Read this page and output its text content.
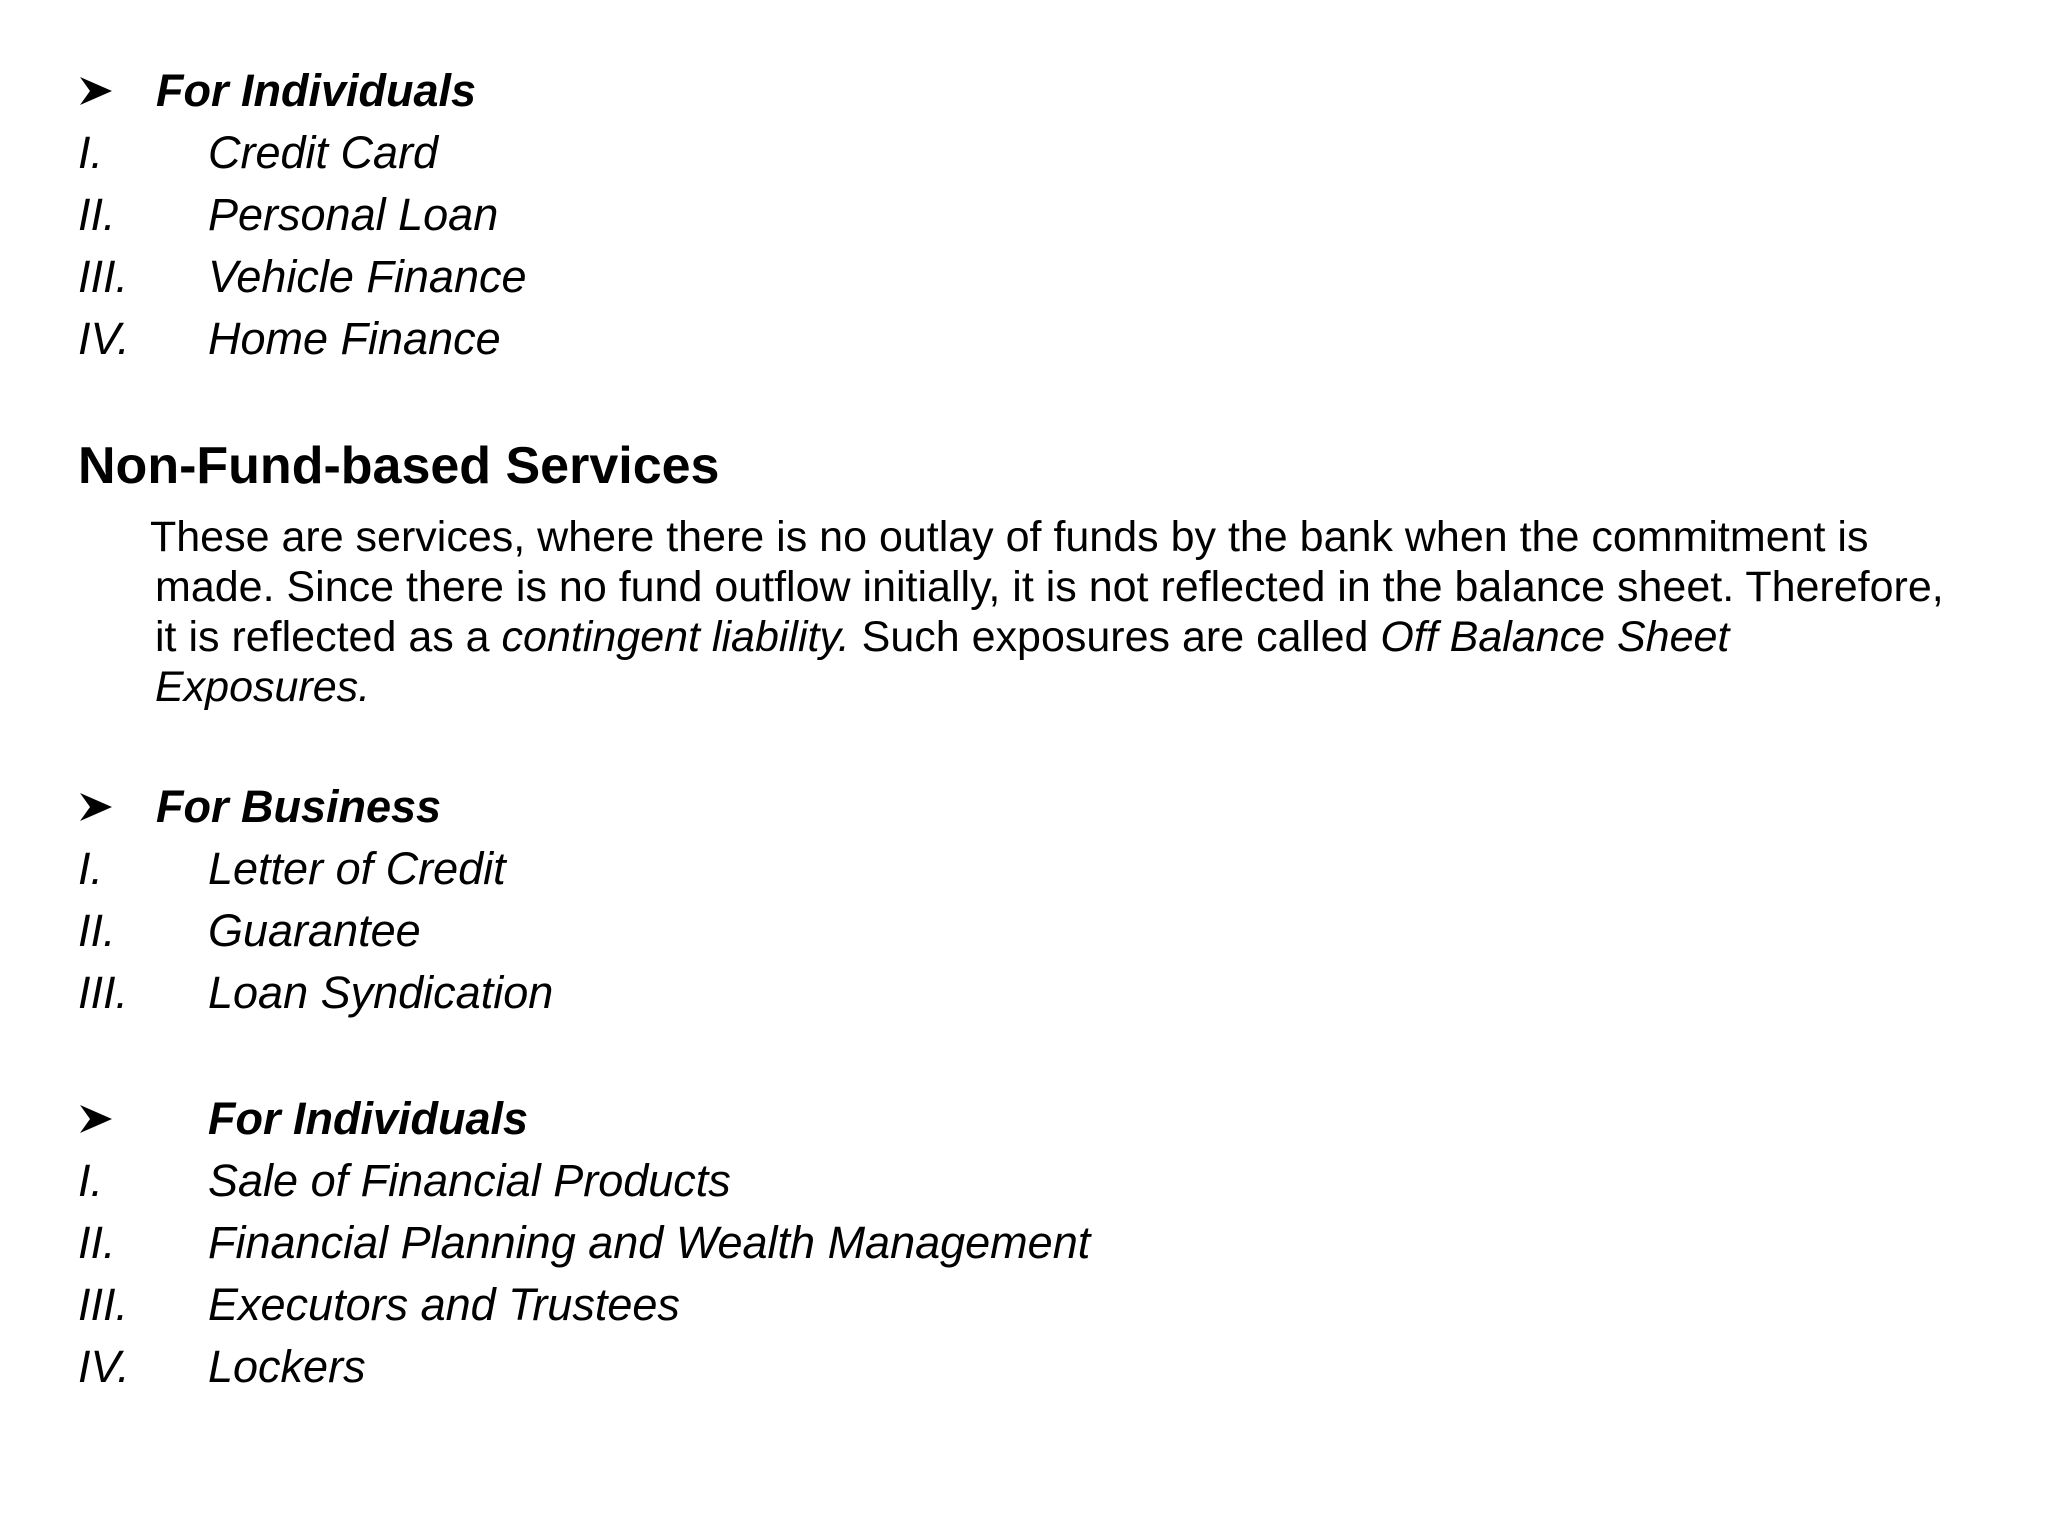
For Individuals
I.	Credit Card
II.	Personal Loan
III.	Vehicle Finance
IV.	Home Finance
Non-Fund-based Services
These are services, where there is no outlay of funds by the bank when the commitment is made. Since there is no fund outflow initially, it is not reflected in the balance sheet. Therefore, it is reflected as a contingent liability. Such exposures are called Off Balance Sheet Exposures.
For Business
I.	Letter of Credit
II.	Guarantee
III.	Loan Syndication
For Individuals
I.	Sale of Financial Products
II.	Financial Planning and Wealth Management
III.	Executors and Trustees
IV.	Lockers
